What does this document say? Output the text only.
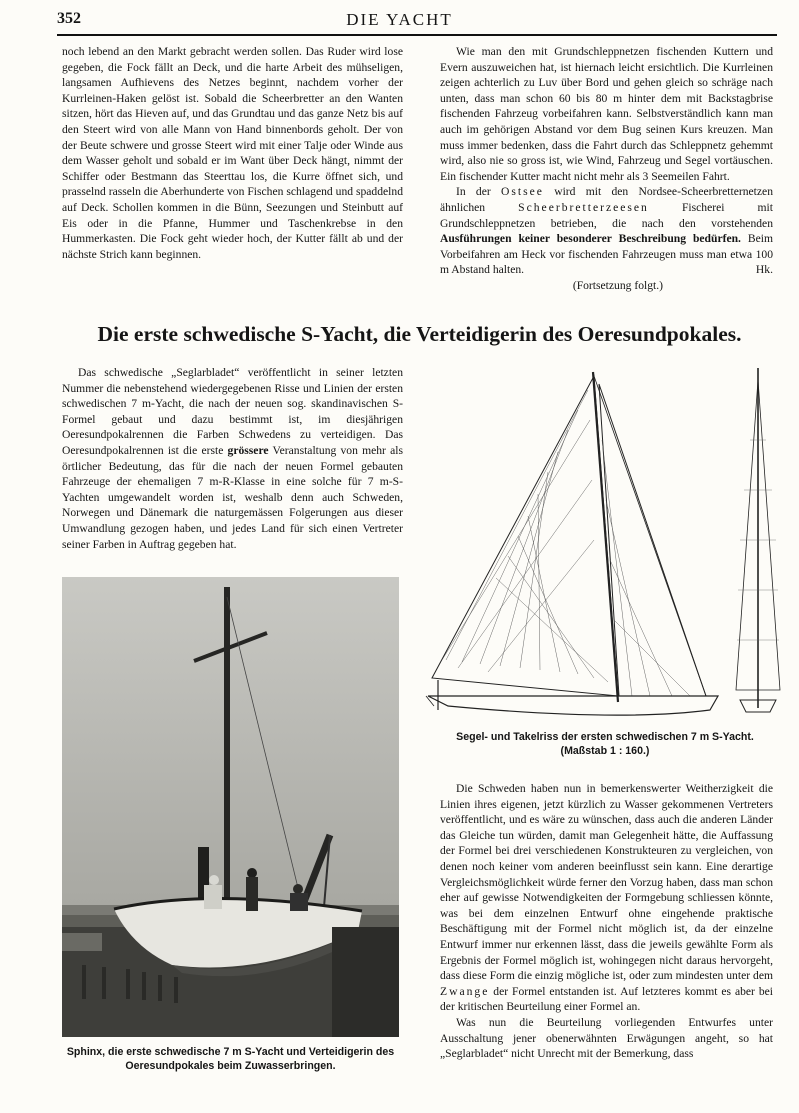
352	DIE YACHT

noch lebend an den Markt gebracht werden sollen. Das Ruder wird lose gegeben, die Fock fällt an Deck, und die harte Arbeit des mühseligen, langsamen Aufhievens des Netzes beginnt, nachdem vorher der Kurrleinen-Haken gelöst ist. Sobald die Scheerbretter an den Wanten sitzen, hört das Hieven auf, und das Grundtau und das ganze Netz bis auf den Steert wird von alle Mann von Hand binnenbords geholt. Der von der Beute schwere und grosse Steert wird mit einer Talje oder Winde aus dem Wasser geholt und sobald er im Want über Deck hängt, nimmt der Schiffer oder Bestmann das Steerttau los, die Kurre öffnet sich, und prasselnd rasseln die Aberhunderte von Fischen schlagend und spaddelnd auf Deck. Schollen kommen in die Bünn, Seezungen und Steinbutt auf Eis oder in die Pfanne, Hummer und Taschenkrebse in den Hummerkasten. Die Fock geht wieder hoch, der Kutter fällt ab und der nächste Strich kann beginnen.

Wie man den mit Grundschleppnetzen fischenden Kuttern und Evern auszuweichen hat, ist hiernach leicht ersichtlich. Die Kurrleinen zeigen achterlich zu Luv über Bord und gehen gleich so schräge nach unten, dass man schon 60 bis 80 m hinter dem mit Backstagbrise fischenden Fahrzeug vorbeifahren kann. Selbstverständlich kann man auch im gehörigen Abstand vor dem Bug seinen Kurs kreuzen. Man muss immer bedenken, dass die Fahrt durch das Schleppnetz gehemmt wird, also nie so gross ist, wie Wind, Fahrzeug und Segel vortäuschen. Ein fischender Kutter macht nicht mehr als 3 Seemeilen Fahrt.

In der Ostsee wird mit den Nordsee-Scheerbretternetzen ähnlichen Scheerbretterzeesen Fischerei mit Grundschleppnetzen betrieben, die nach den vorstehenden Ausführungen keiner besonderer Beschreibung bedürfen. Beim Vorbeifahren am Heck vor fischenden Fahrzeugen muss man etwa 100 m Abstand halten.	Hk.

(Fortsetzung folgt.)

Die erste schwedische S-Yacht, die Verteidigerin des Oeresundpokales.

Das schwedische „Seglarbladet“ veröffentlicht in seiner letzten Nummer die nebenstehend wiedergegebenen Risse und Linien der ersten schwedischen 7 m-Yacht, die nach der neuen sog. skandinavischen S-Formel gebaut und dazu bestimmt ist, im diesjährigen Oeresundpokalrennen die Farben Schwedens zu verteidigen. Das Oeresundpokalrennen ist die erste grössere Veranstaltung von mehr als örtlicher Bedeutung, das für die nach der neuen Formel gebauten Fahrzeuge der ehemaligen 7 m-R-Klasse in eine solche für 7 m-S-Yachten umgewandelt worden ist, weshalb denn auch Schweden, Norwegen und Dänemark die naturgemässen Folgerungen aus dieser Umwandlung gezogen haben, und jedes Land für sich einen Vertreter seiner Farben in Auftrag gegeben hat.

Segel- und Takelriss der ersten schwedischen 7 m S-Yacht.
(Maßstab 1 : 160.)
Sphinx, die erste schwedische 7 m S-Yacht und Verteidigerin des Oeresundpokales beim Zuwasserbringen.

Die Schweden haben nun in bemerkenswerter Weitherzigkeit die Linien ihres eigenen, jetzt kürzlich zu Wasser gekommenen Vertreters veröffentlicht, und es wäre zu wünschen, dass auch die anderen Länder das Gleiche tun würden, damit man Gelegenheit hätte, die Auffassung der Formel bei drei verschiedenen Konstrukteuren zu vergleichen, von denen noch keiner vom anderen beeinflusst sein kann. Eine derartige Vergleichsmöglichkeit würde ferner den Vorzug haben, dass man schon eher auf gewisse Notwendigkeiten der Formgebung schliessen könnte, was bei dem einzelnen Entwurf ohne eingehende praktische Beschäftigung mit der Formel nicht möglich ist, da der einzelne Entwurf immer nur erkennen lässt, dass die jeweils gewählte Form als Ergebnis der Formel möglich ist, wohingegen nicht daraus hervorgeht, dass diese Form die einzig mögliche ist, oder zum mindesten unter dem Zwange der Formel entstanden ist. Auf letzteres kommt es aber bei der kritischen Beurteilung einer Formel an.

Was nun die Beurteilung vorliegenden Entwurfes unter Ausschaltung jener obenerwähnten Erwägungen angeht, so hat „Seglarbladet“ nicht Unrecht mit der Bemerkung, dass
